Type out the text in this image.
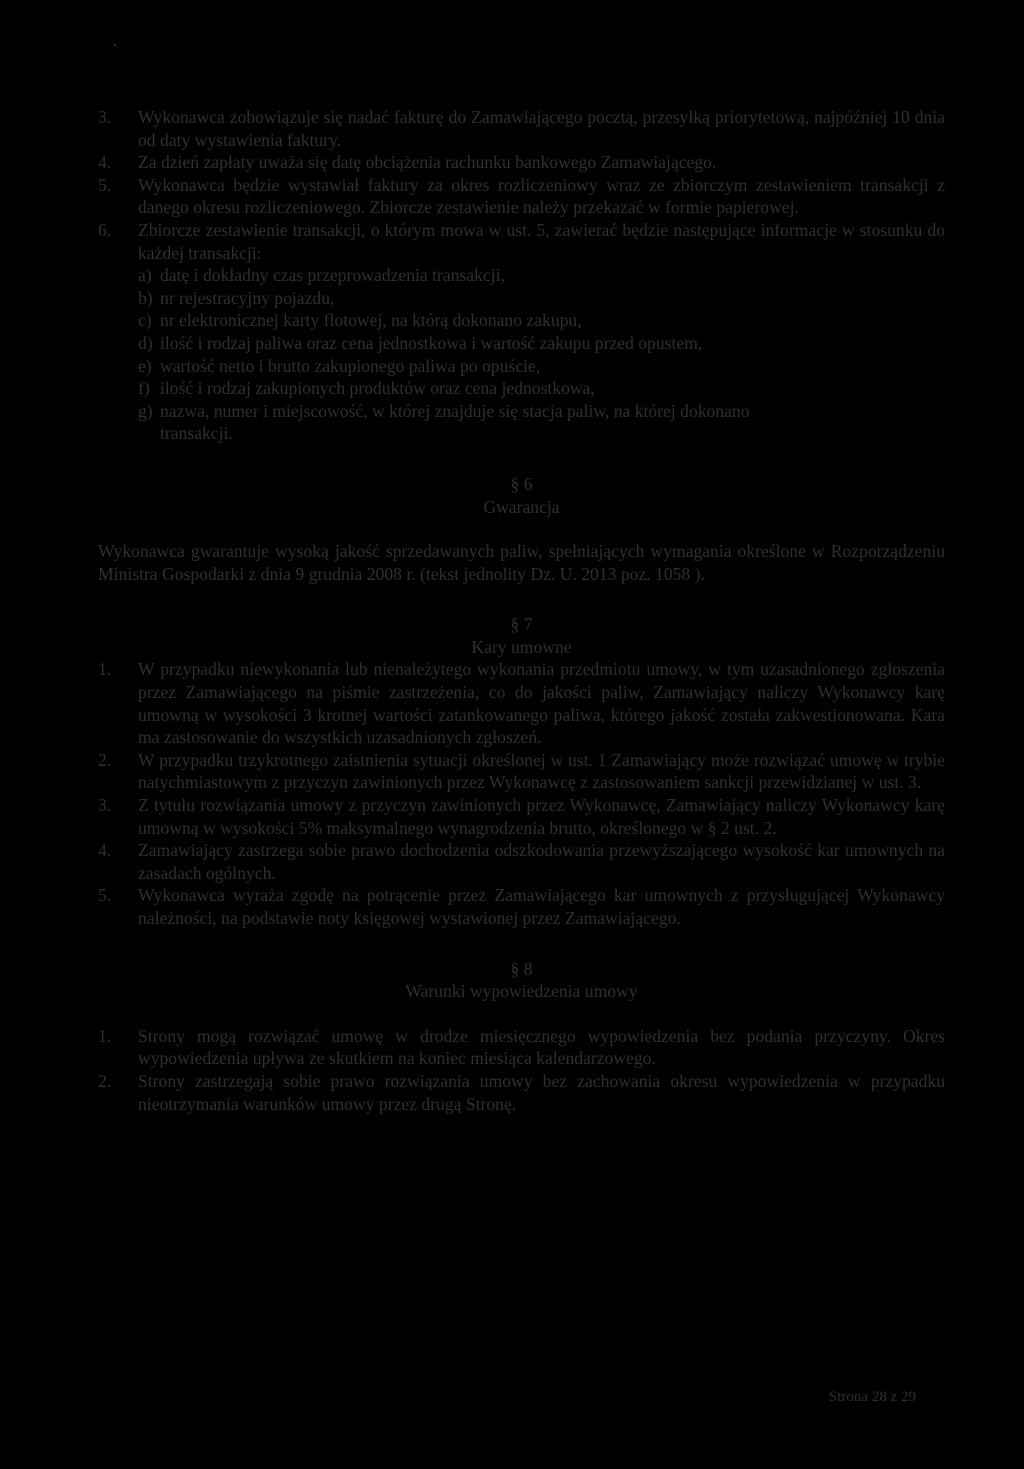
3. Wykonawca zobowiązuje się nadać fakturę do Zamawiającego pocztą, przesyłką priorytetową, najpóźniej 10 dnia od daty wystawienia faktury.
4. Za dzień zapłaty uważa się datę obciążenia rachunku bankowego Zamawiającego.
5. Wykonawca będzie wystawiał faktury za okres rozliczeniowy wraz ze zbiorczym zestawieniem transakcji z danego okresu rozliczeniowego. Zbiorcze zestawienie należy przekazać w formie papierowej.
6. Zbiorcze zestawienie transakcji, o którym mowa w ust. 5, zawierać będzie następujące informacje w stosunku do każdej transakcji:
a) datę i dokładny czas przeprowadzenia transakcji,
b) nr rejestracyjny pojazdu,
c) nr elektronicznej karty flotowej, na którą dokonano zakupu,
d) ilość i rodzaj paliwa oraz cena jednostkowa i wartość zakupu przed opustem,
e) wartość netto i brutto zakupionego paliwa po opuście,
f) ilość i rodzaj zakupionych produktów oraz cena jednostkowa,
g) nazwa, numer i miejscowość, w której znajduje się stacja paliw, na której dokonano
transakcji.
§ 6
Gwarancja
Wykonawca gwarantuje wysoką jakość sprzedawanych paliw, spełniających wymagania określone w Rozporządzeniu Ministra Gospodarki z dnia 9 grudnia 2008 r. (tekst jednolity Dz. U. 2013 poz. 1058 ).
§ 7
Kary umowne
1. W przypadku niewykonania lub nienależytego wykonania przedmiotu umowy, w tym uzasadnionego zgłoszenia przez Zamawiającego na piśmie zastrzeżenia, co do jakości paliw, Zamawiający naliczy Wykonawcy karę umowną w wysokości 3 krotnej wartości zatankowanego paliwa, którego jakość została zakwestionowana. Kara ma zastosowanie do wszystkich uzasadnionych zgłoszeń.
2. W przypadku trzykrotnego zaistnienia sytuacji określonej w ust. 1 Zamawiający może rozwiązać umowę w trybie natychmiastowym z przyczyn zawinionych przez Wykonawcę z zastosowaniem sankcji przewidzianej w ust. 3.
3. Z tytułu rozwiązania umowy z przyczyn zawinionych przez Wykonawcę, Zamawiający naliczy Wykonawcy karę umowną w wysokości 5% maksymalnego wynagrodzenia brutto, określonego w § 2 ust. 2.
4. Zamawiający zastrzega sobie prawo dochodzenia odszkodowania przewyższającego wysokość kar umownych na zasadach ogólnych.
5. Wykonawca wyraża zgodę na potrącenie przez Zamawiającego kar umownych z przysługującej Wykonawcy należności, na podstawie noty księgowej wystawionej przez Zamawiającego.
§ 8
Warunki wypowiedzenia umowy
1. Strony mogą rozwiązać umowę w drodze miesięcznego wypowiedzenia bez podania przyczyny. Okres wypowiedzenia upływa ze skutkiem na koniec miesiąca kalendarzowego.
2. Strony zastrzegają sobie prawo rozwiązania umowy bez zachowania okresu wypowiedzenia w przypadku nieotrzymania warunków umowy przez drugą Stronę.
Strona 28 z 29
